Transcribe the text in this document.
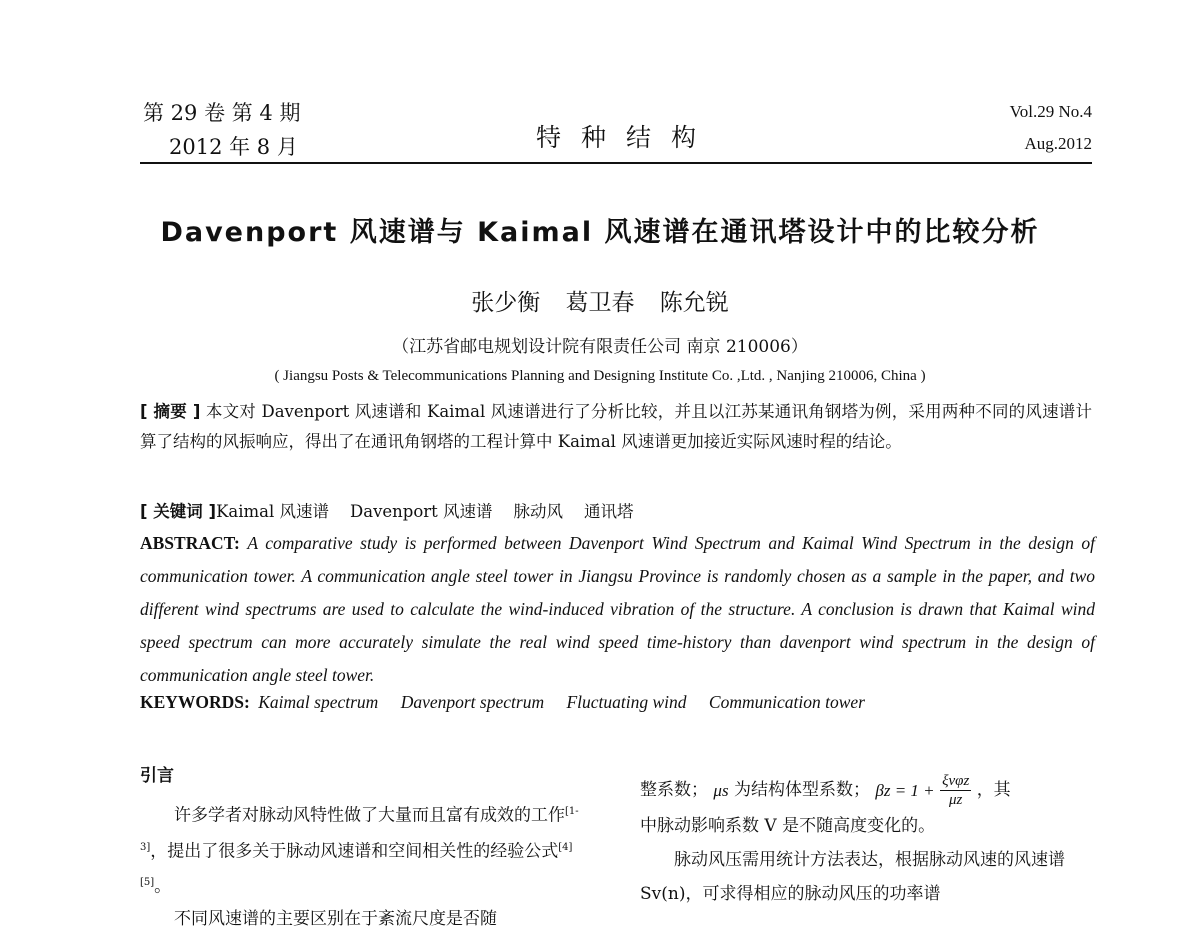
第 29 卷 第 4 期
2012 年 8 月	特种结构
Vol.29 No.4
Aug.2012
Davenport 风速谱与 Kaimal 风速谱在通讯塔设计中的比较分析
张少衡 葛卫春 陈允锐
（江苏省邮电规划设计院有限责任公司 南京 210006）
( Jiangsu Posts & Telecommunications Planning and Designing Institute Co. ,Ltd. , Nanjing 210006, China )
[ 摘要 ] 本文对 Davenport 风速谱和 Kaimal 风速谱进行了分析比较，并且以江苏某通讯角钢塔为例，采用两种不同的风速谱计算了结构的风振响应，得出了在通讯角钢塔的工程计算中 Kaimal 风速谱更加接近实际风速时程的结论。
[ 关键词 ]Kaimal 风速谱 Davenport 风速谱 脉动风 通讯塔
ABSTRACT: A comparative study is performed between Davenport Wind Spectrum and Kaimal Wind Spectrum in the design of communication tower. A communication angle steel tower in Jiangsu Province is randomly chosen as a sample in the paper, and two different wind spectrums are used to calculate the wind-induced vibration of the structure. A conclusion is drawn that Kaimal wind speed spectrum can more accurately simulate the real wind speed time-history than davenport wind spectrum in the design of communication angle steel tower.
KEYWORDS: Kaimal spectrum Davenport spectrum Fluctuating wind Communication tower
引言
许多学者对脉动风特性做了大量而且富有成效的工作[1-3]，提出了很多关于脉动风速谱和空间相关性的经验公式[4][5]。
不同风速谱的主要区别在于紊流尺度是否随
整系数； μs 为结构体型系数； $\beta z = 1 + \frac{\text{ξνφz}}{\mu z}$ ，其
中脉动影响系数 V 是不随高度变化的。
脉动风压需用统计方法表达，根据脉动风速的风速谱 Sv(n)，可求得相应的脉动风压的功率谱
